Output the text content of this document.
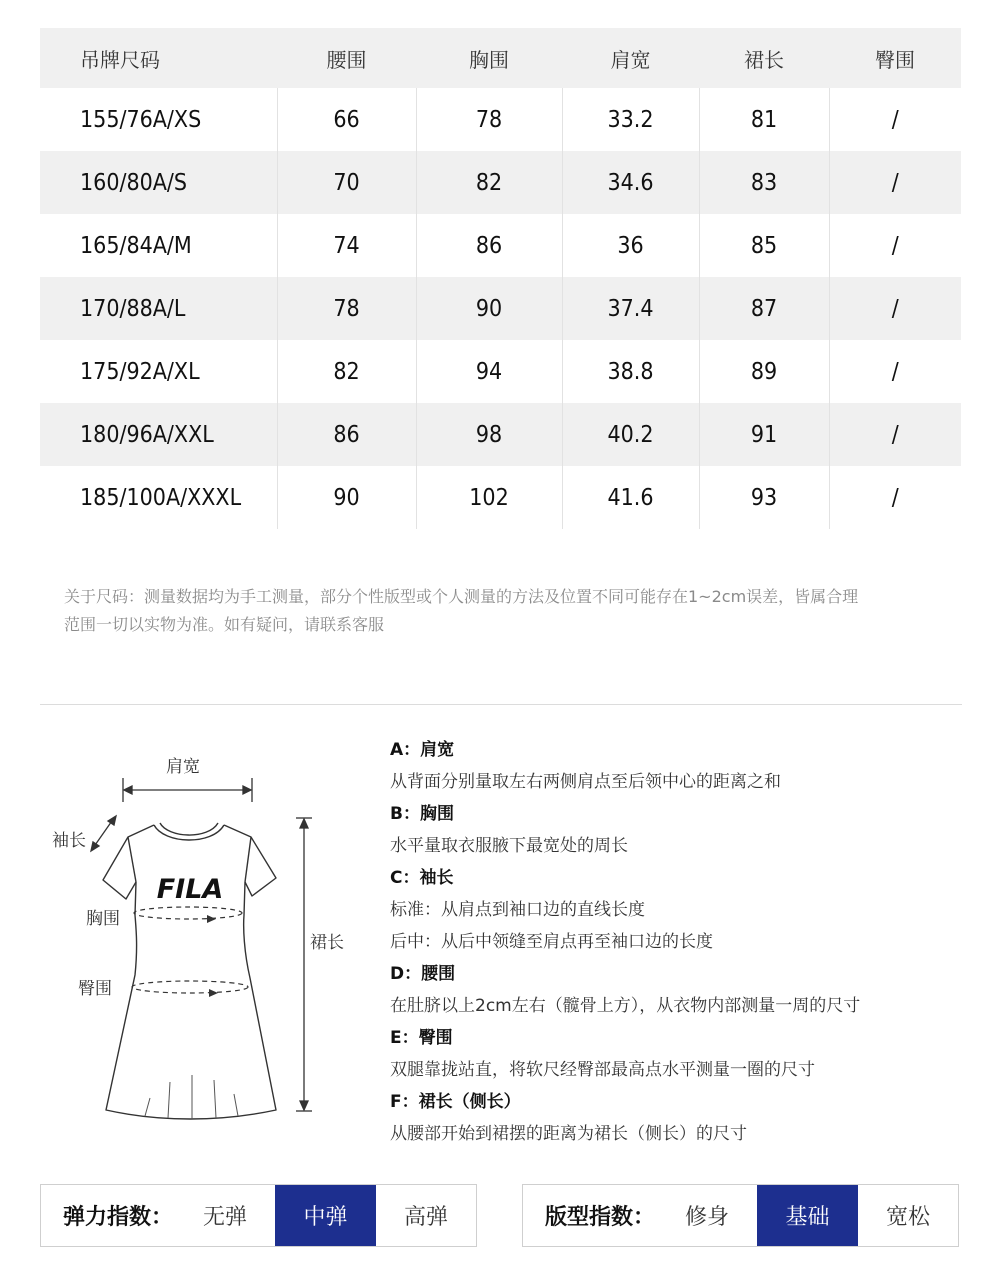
吊牌尺码	腰围	胸围	肩宽	裙长	臀围
155/76A/XS	66	78	33.2	81	/
160/80A/S	70	82	34.6	83	/
165/84A/M	74	86	36	85	/
170/88A/L	78	90	37.4	87	/
175/92A/XL	82	94	38.8	89	/
180/96A/XXL	86	98	40.2	91	/
185/100A/XXXL	90	102	41.6	93	/
关于尺码：测量数据均为手工测量，部分个性版型或个人测量的方法及位置不同可能存在1~2cm误差，皆属合理
范围一切以实物为准。如有疑问，请联系客服
FILA
肩宽
袖长
胸围
臀围
裙长
A：肩宽
从背面分别量取左右两侧肩点至后领中心的距离之和
B：胸围
水平量取衣服腋下最宽处的周长
C：袖长
标准：从肩点到袖口边的直线长度
后中：从后中领缝至肩点再至袖口边的长度
D：腰围
在肚脐以上2cm左右（髋骨上方），从衣物内部测量一周的尺寸
E：臀围
双腿靠拢站直，将软尺经臀部最高点水平测量一圈的尺寸
F：裙长（侧长）
从腰部开始到裙摆的距离为裙长（侧长）的尺寸
弹力指数：	无弹	中弹	高弹	版型指数：	修身	基础	宽松
